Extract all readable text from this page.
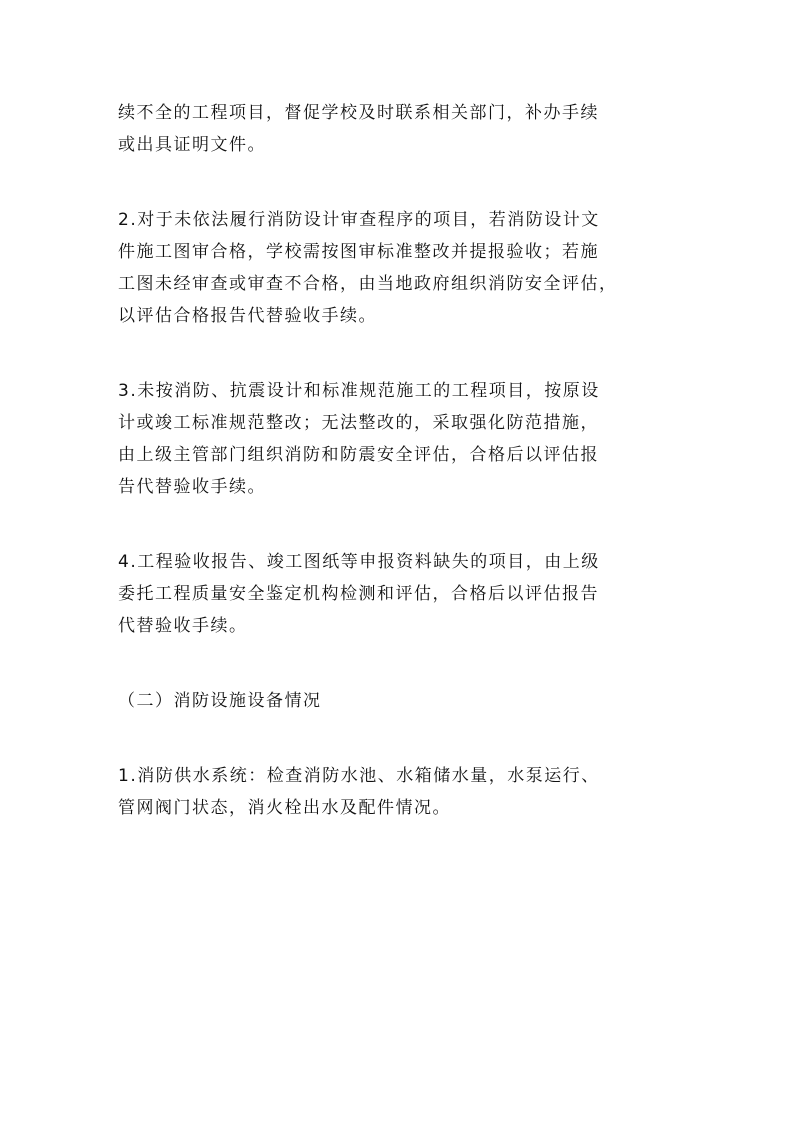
续不全的工程项目，督促学校及时联系相关部门，补办手续
或出具证明文件。
2.对于未依法履行消防设计审查程序的项目，若消防设计文
件施工图审合格，学校需按图审标准整改并提报验收；若施
工图未经审查或审查不合格，由当地政府组织消防安全评估，
以评估合格报告代替验收手续。
3.未按消防、抗震设计和标准规范施工的工程项目，按原设
计或竣工标准规范整改；无法整改的，采取强化防范措施，
由上级主管部门组织消防和防震安全评估，合格后以评估报
告代替验收手续。
4.工程验收报告、竣工图纸等申报资料缺失的项目，由上级
委托工程质量安全鉴定机构检测和评估，合格后以评估报告
代替验收手续。
（二）消防设施设备情况
1.消防供水系统：检查消防水池、水箱储水量，水泵运行、
管网阀门状态，消火栓出水及配件情况。
